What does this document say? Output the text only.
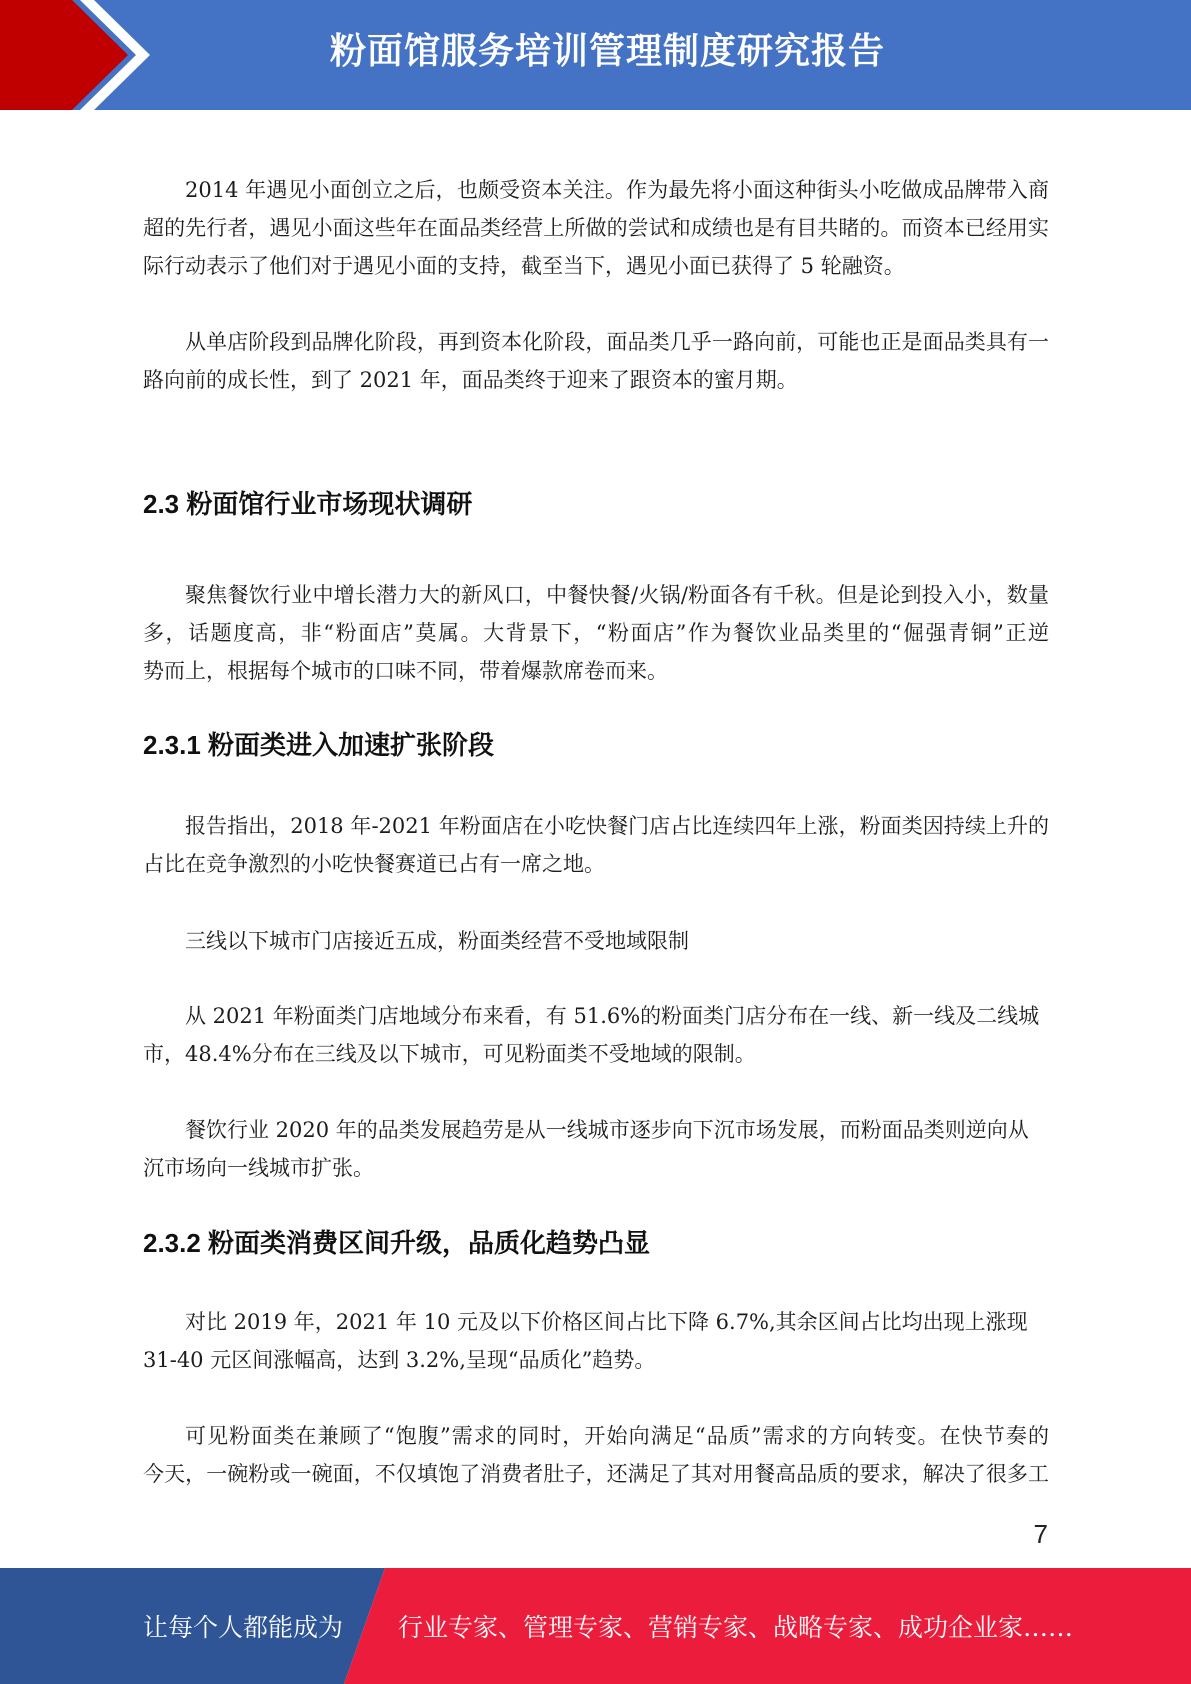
粉面馆服务培训管理制度研究报告
2014 年遇见小面创立之后，也颇受资本关注。作为最先将小面这种街头小吃做成品牌带入商
超的先行者，遇见小面这些年在面品类经营上所做的尝试和成绩也是有目共睹的。而资本已经用实
际行动表示了他们对于遇见小面的支持，截至当下，遇见小面已获得了 5 轮融资。
从单店阶段到品牌化阶段，再到资本化阶段，面品类几乎一路向前，可能也正是面品类具有一
路向前的成长性，到了 2021 年，面品类终于迎来了跟资本的蜜月期。
2.3 粉面馆行业市场现状调研
聚焦餐饮行业中增长潜力大的新风口，中餐快餐/火锅/粉面各有千秋。但是论到投入小，数量
多，话题度高，非“粉面店”莫属。大背景下，“粉面店”作为餐饮业品类里的“倔强青铜”正逆
势而上，根据每个城市的口味不同，带着爆款席卷而来。
2.3.1 粉面类进入加速扩张阶段
报告指出，2018 年-2021 年粉面店在小吃快餐门店占比连续四年上涨，粉面类因持续上升的
占比在竞争激烈的小吃快餐赛道已占有一席之地。
三线以下城市门店接近五成，粉面类经营不受地域限制
从 2021 年粉面类门店地域分布来看，有 51.6%的粉面类门店分布在一线、新一线及二线城
市，48.4%分布在三线及以下城市，可见粉面类不受地域的限制。
餐饮行业 2020 年的品类发展趋劳是从一线城市逐步向下沉市场发展，而粉面品类则逆向从
沉市场向一线城市扩张。
2.3.2 粉面类消费区间升级，品质化趋势凸显
对比 2019 年，2021 年 10 元及以下价格区间占比下降 6.7%,其余区间占比均出现上涨现
31-40 元区间涨幅高，达到 3.2%,呈现“品质化”趋势。
可见粉面类在兼顾了“饱腹”需求的同时，开始向满足“品质”需求的方向转变。在快节奏的
今天，一碗粉或一碗面，不仅填饱了消费者肚子，还满足了其对用餐高品质的要求，解决了很多工
7
让每个人都能成为	行业专家、管理专家、营销专家、战略专家、成功企业家……
